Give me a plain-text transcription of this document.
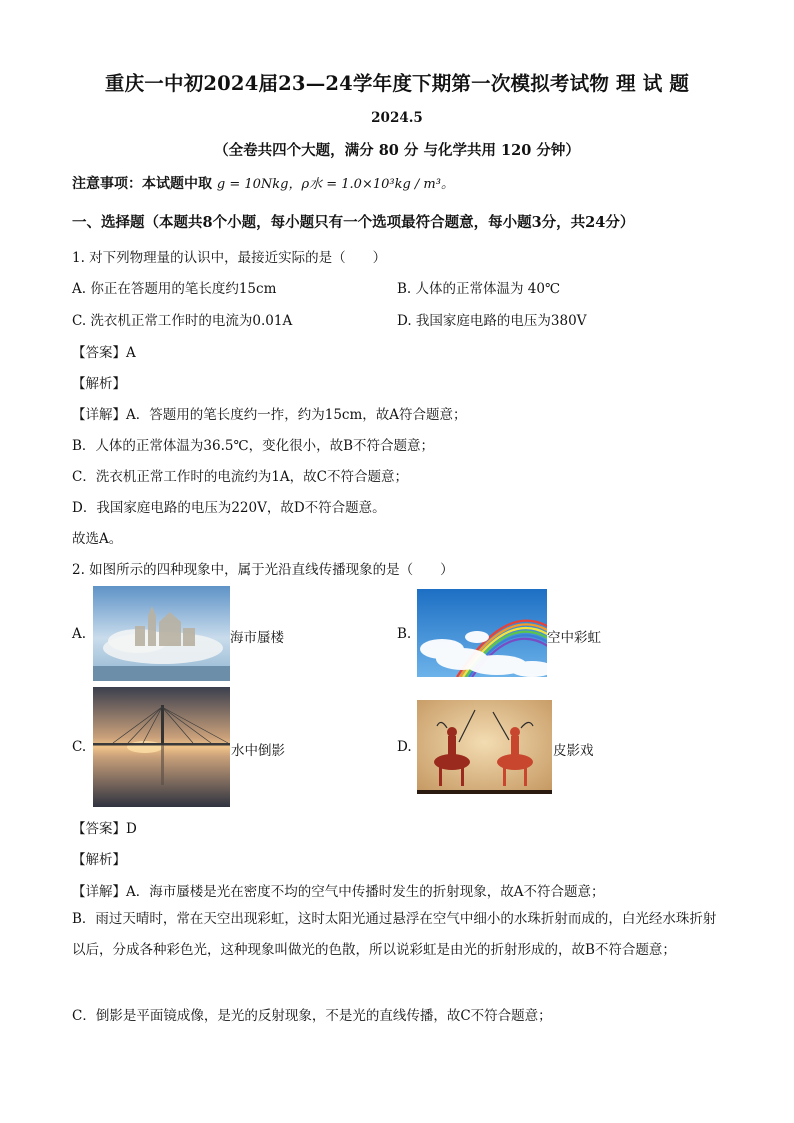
重庆一中初2024届23—24学年度下期第一次模拟考试物 理 试 题
2024.5
（全卷共四个大题，满分 80 分 与化学共用 120 分钟）
注意事项：本试题中取 g = 10Nkg，ρ水 = 1.0×10³kg / m³。
一、选择题（本题共8个小题，每小题只有一个选项最符合题意，每小题3分，共24分）
1. 对下列物理量的认识中，最接近实际的是（　　）
A. 你正在答题用的笔长度约15cm	B. 人体的正常体温为 40℃
C. 洗衣机正常工作时的电流为0.01A	D. 我国家庭电路的电压为380V
【答案】A
【解析】
【详解】A．答题用的笔长度约一拃，约为15cm，故A符合题意；
B．人体的正常体温为36.5℃，变化很小，故B不符合题意；
C．洗衣机正常工作时的电流约为1A，故C不符合题意；
D．我国家庭电路的电压为220V，故D不符合题意。
故选A。
2. 如图所示的四种现象中，属于光沿直线传播现象的是（　　）
A.	海市蜃楼	B.	空中彩虹
C.	水中倒影	D.	皮影戏
【答案】D
【解析】
【详解】A．海市蜃楼是光在密度不均的空气中传播时发生的折射现象，故A不符合题意；
B．雨过天晴时，常在天空出现彩虹，这时太阳光通过悬浮在空气中细小的水珠折射而成的，白光经水珠折射以后，分成各种彩色光，这种现象叫做光的色散，所以说彩虹是由光的折射形成的，故B不符合题意；
C．倒影是平面镜成像，是光的反射现象，不是光的直线传播，故C不符合题意；
